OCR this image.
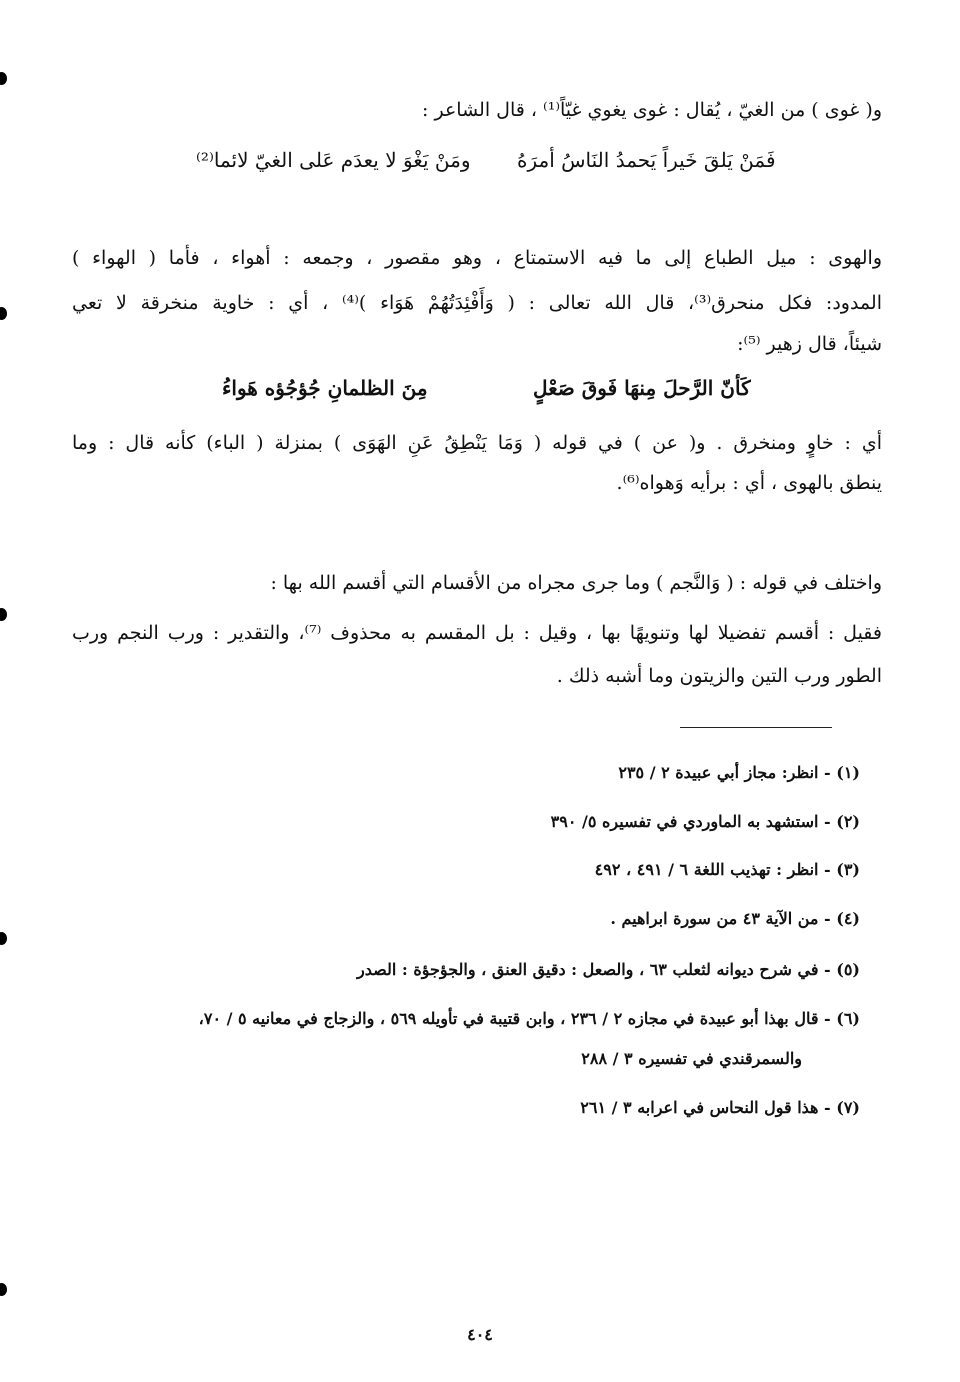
و( غوى ) من الغيّ ، يُقال : غوى يغوي غيّاً⁽¹⁾ ، قال الشاعر :
فَمَنْ يَلقَ خَيراً يَحمدُ النَاسُ أمرَهُ
ومَنْ يَغْوَ لا يعدَم عَلى الغيّ لائما⁽²⁾
والهوى : ميل الطباع إلى ما فيه الاستمتاع ، وهو مقصور ، وجمعه : أهواء ، فأما ( الهواء )
المدود: فكل منحرق⁽³⁾، قال الله تعالى : ( وَأَفْئِدَتُهُمْ هَوَاء )⁽⁴⁾ ، أي : خاوية منخرقة لا تعي
شيئاً، قال زهير ⁽⁵⁾:
كَأنّ الرَّحلَ مِنهَا فَوقَ صَعْلٍ
مِنَ الظلمانِ جُؤجُؤه هَواءُ
أي : خاوٍ ومنخرق . و( عن ) في قوله ( وَمَا يَنْطِقُ عَنِ الهَوَى ) بمنزلة ( الباء) كأنه قال : وما
ينطق بالهوى ، أي : برأيه وَهواه⁽⁶⁾.
واختلف في قوله : ( وَالنَّجم ) وما جرى مجراه من الأقسام التي أقسم الله بها :
فقيل : أقسم تفضيلا لها وتنويهًا بها ، وقيل : بل المقسم به محذوف ⁽⁷⁾، والتقدير : ورب النجم ورب
الطور ورب التين والزيتون وما أشبه ذلك .
(١) - انظر: مجاز أبي عبيدة ٢ / ٢٣٥
(٢) - استشهد به الماوردي في تفسيره ٥/ ٣٩٠
(٣) - انظر : تهذيب اللغة ٦ / ٤٩١ ، ٤٩٢
(٤) - من الآية ٤٣ من سورة ابراهيم .
(٥) - في شرح ديوانه لثعلب ٦٣ ، والصعل : دقيق العنق ، والجؤجؤة : الصدر
(٦) - قال بهذا أبو عبيدة في مجازه ٢ / ٢٣٦ ، وابن قتيبة في تأويله ٥٦٩ ، والزجاج في معانيه ٥ / ٧٠،
والسمرقندي في تفسيره ٣ / ٢٨٨
(٧) - هذا قول النحاس في اعرابه ٣ / ٢٦١
٤٠٤
